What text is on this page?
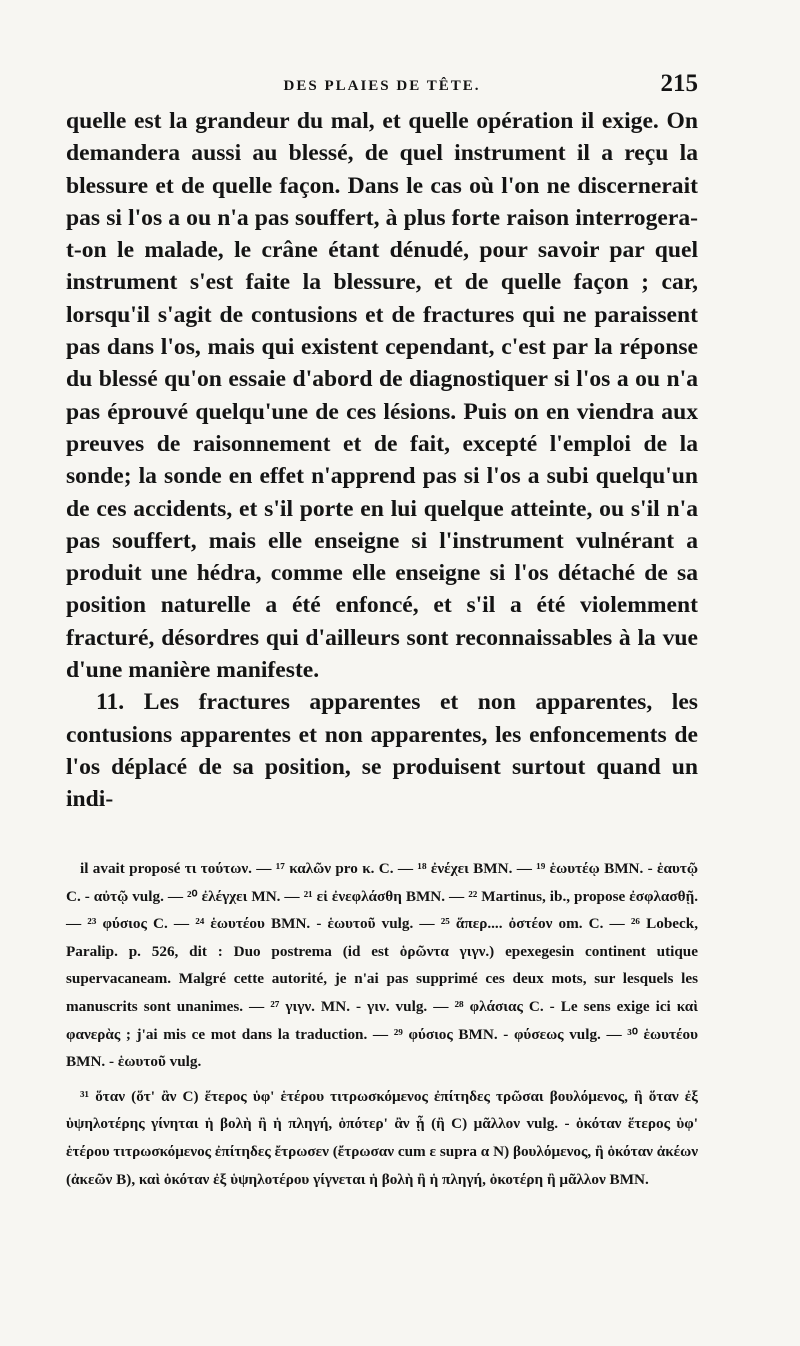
DES PLAIES DE TÊTE.	215

quelle est la grandeur du mal, et quelle opération il exige. On demandera aussi au blessé, de quel instrument il a reçu la blessure et de quelle façon. Dans le cas où l'on ne discernerait pas si l'os a ou n'a pas souffert, à plus forte raison interrogera-t-on le malade, le crâne étant dénudé, pour savoir par quel instrument s'est faite la blessure, et de quelle façon ; car, lorsqu'il s'agit de contusions et de fractures qui ne paraissent pas dans l'os, mais qui existent cependant, c'est par la réponse du blessé qu'on essaie d'abord de diagnostiquer si l'os a ou n'a pas éprouvé quelqu'une de ces lésions. Puis on en viendra aux preuves de raisonnement et de fait, excepté l'emploi de la sonde; la sonde en effet n'apprend pas si l'os a subi quelqu'un de ces accidents, et s'il porte en lui quelque atteinte, ou s'il n'a pas souffert, mais elle enseigne si l'instrument vulnérant a produit une hédra, comme elle enseigne si l'os détaché de sa position naturelle a été enfoncé, et s'il a été violemment fracturé, désordres qui d'ailleurs sont reconnaissables à la vue d'une manière manifeste.

11. Les fractures apparentes et non apparentes, les contusions apparentes et non apparentes, les enfoncements de l'os déplacé de sa position, se produisent surtout quand un indi-

il avait proposé τι τούτων. — ¹⁷ καλῶν pro κ. C. — ¹⁸ ἐνέχει BMN. — ¹⁹ ἑωυτέῳ BMN. - ἑαυτῷ C. - αὐτῷ vulg. — ²⁰ ἐλέγχει MN. — ²¹ εἰ ἐνεφλάσθη BMN. — ²² Martinus, ib., propose ἐσφλασθῇ. — ²³ φύσιος C. — ²⁴ ἑωυτέου BMN. - ἑωυτοῦ vulg. — ²⁵ ἅπερ.... ὀστέον om. C. — ²⁶ Lobeck, Paralip. p. 526, dit : Duo postrema (id est ὁρῶντα γιγν.) epexegesin continent utique supervacaneam. Malgré cette autorité, je n'ai pas supprimé ces deux mots, sur lesquels les manuscrits sont unanimes. — ²⁷ γιγν. MN. - γιν. vulg. — ²⁸ φλάσιας C. - Le sens exige ici καὶ φανερὰς ; j'ai mis ce mot dans la traduction. — ²⁹ φύσιος BMN. - φύσεως vulg. — ³⁰ ἑωυτέου BMN. - ἑωυτοῦ vulg.

³¹ ὅταν (ὅτ' ἂν C) ἕτερος ὑφ' ἑτέρου τιτρωσκόμενος ἐπίτηδες τρῶσαι βουλόμενος, ἢ ὅταν ἐξ ὑψηλοτέρης γίνηται ἡ βολὴ ἢ ἡ πληγή, ὁπότερ' ἂν ᾖ (ἢ C) μᾶλλον vulg. - ὁκόταν ἕτερος ὑφ' ἑτέρου τιτρωσκόμενος ἐπίτηδες ἔτρωσεν (ἔτρωσαν cum ε supra α N) βουλόμενος, ἢ ὁκόταν ἀκέων (ἀκεῶν B), καὶ ὁκόταν ἐξ ὑψηλοτέρου γίγνεται ἡ βολὴ ἢ ἡ πληγή, ὁκοτέρη ἢ μᾶλλον BMN.
